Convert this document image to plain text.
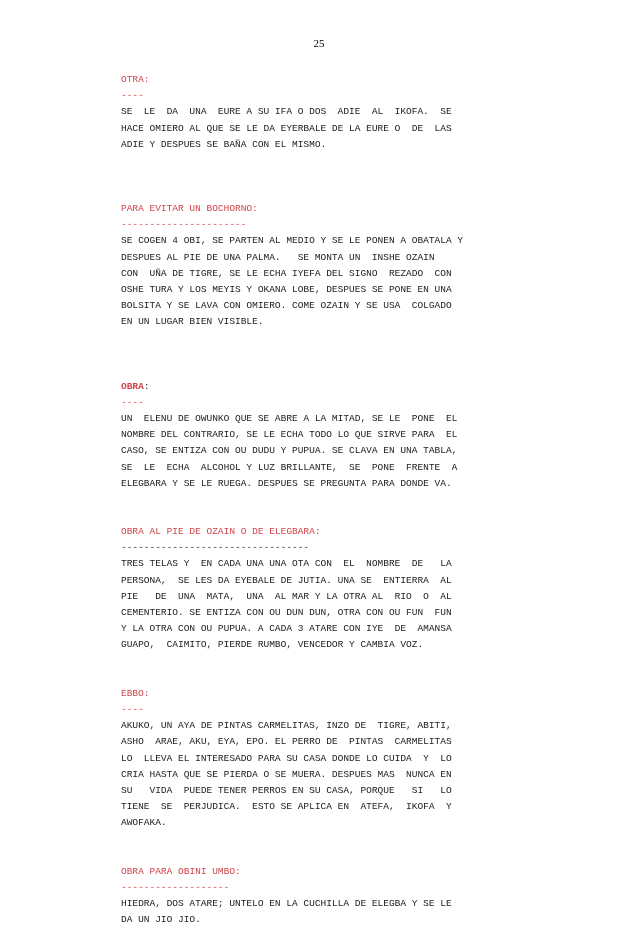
25
OTRA:
----
SE  LE  DA  UNA  EURE A SU IFA O DOS  ADIE  AL  IKOFA.  SE
HACE OMIERO AL QUE SE LE DA EYERBALE DE LA EURE O  DE  LAS
ADIE Y DESPUES SE BAÑA CON EL MISMO.
PARA EVITAR UN BOCHORNO:
----------------------
SE COGEN 4 OBI, SE PARTEN AL MEDIO Y SE LE PONEN A OBATALA Y
DESPUES AL PIE DE UNA PALMA.   SE MONTA UN  INSHE OZAIN
CON  UÑA DE TIGRE, SE LE ECHA IYEFA DEL SIGNO  REZADO  CON
OSHE TURA Y LOS MEYIS Y OKANA LOBE, DESPUES SE PONE EN UNA
BOLSITA Y SE LAVA CON OMIERO. COME OZAIN Y SE USA  COLGADO
EN UN LUGAR BIEN VISIBLE.
OBRA:
----
UN  ELENU DE OWUNKO QUE SE ABRE A LA MITAD, SE LE  PONE  EL
NOMBRE DEL CONTRARIO, SE LE ECHA TODO LO QUE SIRVE PARA  EL
CASO, SE ENTIZA CON OU DUDU Y PUPUA. SE CLAVA EN UNA TABLA,
SE  LE  ECHA  ALCOHOL Y LUZ BRILLANTE,  SE  PONE  FRENTE  A
ELEGBARA Y SE LE RUEGA. DESPUES SE PREGUNTA PARA DONDE VA.
OBRA AL PIE DE OZAIN O DE ELEGBARA:
---------------------------------
TRES TELAS Y  EN CADA UNA UNA OTA CON  EL  NOMBRE  DE   LA
PERSONA,  SE LES DA EYEBALE DE JUTIA. UNA SE  ENTIERRA  AL
PIE   DE  UNA  MATA,  UNA  AL MAR Y LA OTRA AL  RIO  O  AL
CEMENTERIO. SE ENTIZA CON OU DUN DUN, OTRA CON OU FUN  FUN
Y LA OTRA CON OU PUPUA. A CADA 3 ATARE CON IYE  DE  AMANSA
GUAPO,  CAIMITO, PIERDE RUMBO, VENCEDOR Y CAMBIA VOZ.
EBBO:
----
AKUKO, UN AYA DE PINTAS CARMELITAS, INZO DE  TIGRE, ABITI,
ASHO  ARAE, AKU, EYA, EPO. EL PERRO DE  PINTAS  CARMELITAS
LO  LLEVA EL INTERESADO PARA SU CASA DONDE LO CUIDA  Y  LO
CRIA HASTA QUE SE PIERDA O SE MUERA. DESPUES MAS  NUNCA EN
SU   VIDA  PUEDE TENER PERROS EN SU CASA, PORQUE   SI   LO
TIENE  SE  PERJUDICA.  ESTO SE APLICA EN  ATEFA,  IKOFA  Y
AWOFAKA.
OBRA PARA OBINI UMBO:
-------------------
HIEDRA, DOS ATARE; UNTELO EN LA CUCHILLA DE ELEGBA Y SE LE
DA UN JIO JIO.
